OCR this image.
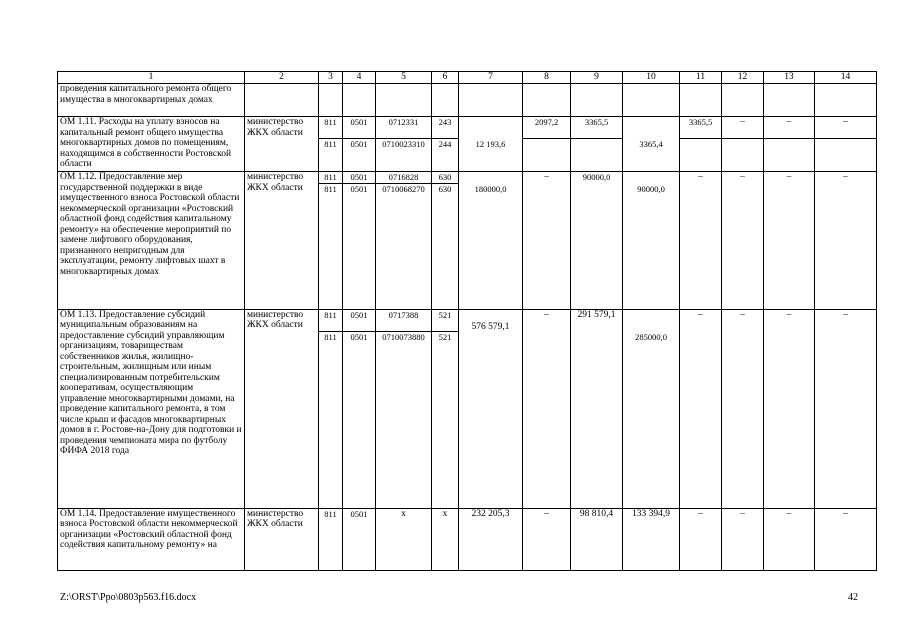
1	2	3	4	5	6	7	8	9	10	11	12	13	14
проведения капитального ремонта общего имущества в многоквартирных домах													
ОМ 1.11. Расходы на уплату взносов на капитальный ремонт общего имущества многоквартирных домов по помещениям, находящимся в собственности Ростовской области	министерство ЖКХ области	811	0501	0712331	243	12 193,6	2097,2	3365,5	3365,4	3365,5	–	–	–
		811	0501	0710023310	244								
ОМ 1.12. Предоставление мер государственной поддержки в виде имущественного взноса Ростовской области некоммерческой организации «Ростовский областной фонд содействия капитальному ремонту» на обеспечение мероприятий по замене лифтового оборудования, признанного непригодным для эксплуатации, ремонту лифтовых шахт в многоквартирных домах	министерство ЖКХ области	811	0501	0716828	630	180000,0	–	90000,0	90000,0	–	–	–	–
		811	0501	0710068270	630								
ОМ 1.13. Предоставление субсидий муниципальным образованиям на предоставление субсидий управляющим организациям, товариществам собственников жилья, жилищно-строительным, жилищным или иным специализированным потребительским кооперативам, осуществляющим управление многоквартирными домами, на проведение капитального ремонта, в том числе крыш и фасадов многоквартирных домов в г. Ростове-на-Дону для подготовки и проведения чемпионата мира по футболу ФИФА 2018 года	министерство ЖКХ области	811	0501	0717388	521	576 579,1	–	291 579,1	285000,0	–	–	–	–
		811	0501	0710073880	521								
ОМ 1.14. Предоставление имущественного взноса Ростовской области некоммерческой организации «Ростовский областной фонд содействия капитальному ремонту» на	министерство ЖКХ области	811	0501	х	х	232 205,3	–	98 810,4	133 394,9	–	–	–	–
Z:\ORST\Ppo\0803p563.f16.docx	42
